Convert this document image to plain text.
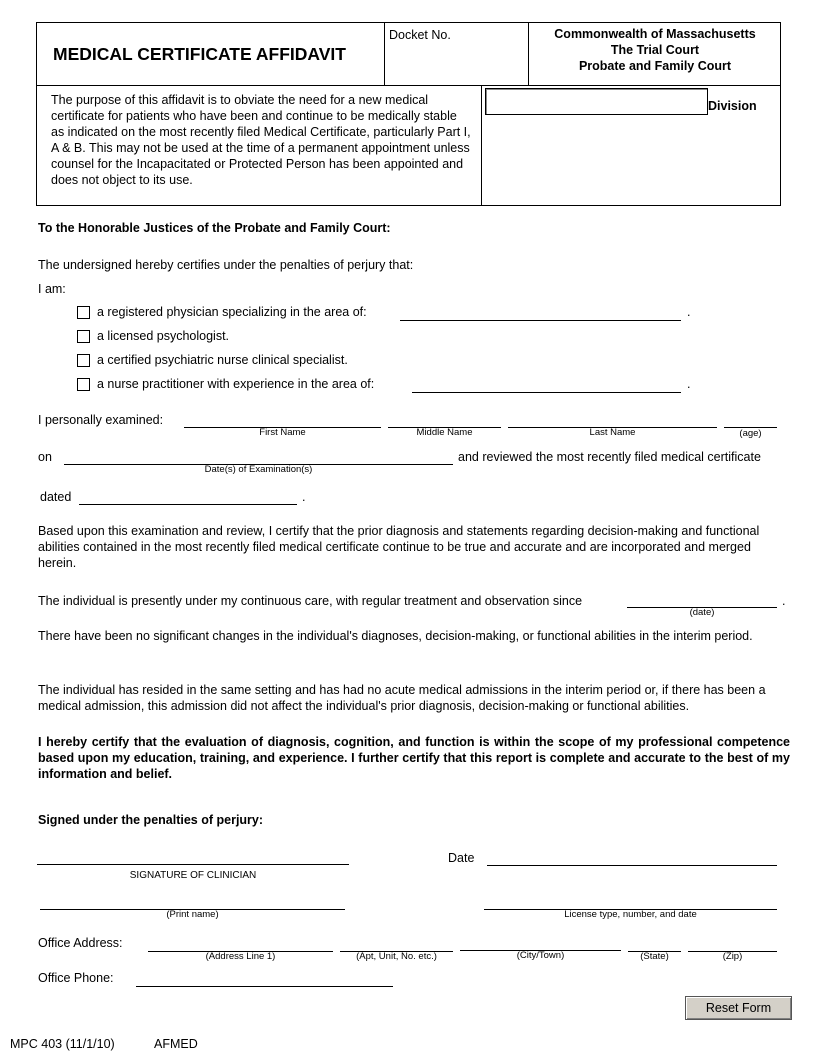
MEDICAL CERTIFICATE AFFIDAVIT
Docket No.	Commonwealth of Massachusetts
The Trial Court
Probate and Family Court
The purpose of this affidavit is to obviate the need for a new medical certificate for patients who have been and continue to be medically stable as indicated on the most recently filed Medical Certificate, particularly Part I, A & B. This may not be used at the time of a permanent appointment unless counsel for the Incapacitated or Protected Person has been appointed and does not object to its use.
Division
To the Honorable Justices of the Probate and Family Court:
The undersigned hereby certifies under the penalties of perjury that:
I am:
a registered physician specializing in the area of:	.
a licensed psychologist.
a certified psychiatric nurse clinical specialist.
a nurse practitioner with experience in the area of:	.
I personally examined:
First Name	Middle Name	Last Name	(age)
on
Date(s) of Examination(s)
and reviewed the most recently filed medical certificate
dated	.
Based upon this examination and review, I certify that the prior diagnosis and statements regarding decision-making and functional abilities contained in the most recently filed medical certificate continue to be true and accurate and are incorporated and merged herein.
The individual is presently under my continuous care, with regular treatment and observation since
(date)
.
There have been no significant changes in the individual's diagnoses, decision-making, or functional abilities in the interim period.
The individual has resided in the same setting and has had no acute medical admissions in the interim period or, if there has been a medical admission, this admission did not affect the individual's prior diagnosis, decision-making or functional abilities.
I hereby certify that the evaluation of diagnosis, cognition, and function is within the scope of my professional competence based upon my education, training, and experience. I further certify that this report is complete and accurate to the best of my information and belief.
Signed under the penalties of perjury:
SIGNATURE OF CLINICIAN
Date
(Print name)	License type, number, and date
Office Address:
(Address Line 1)	(Apt, Unit, No. etc.)	(City/Town)	(State)	(Zip)
Office Phone:
Reset Form
MPC 403 (11/1/10)	AFMED
